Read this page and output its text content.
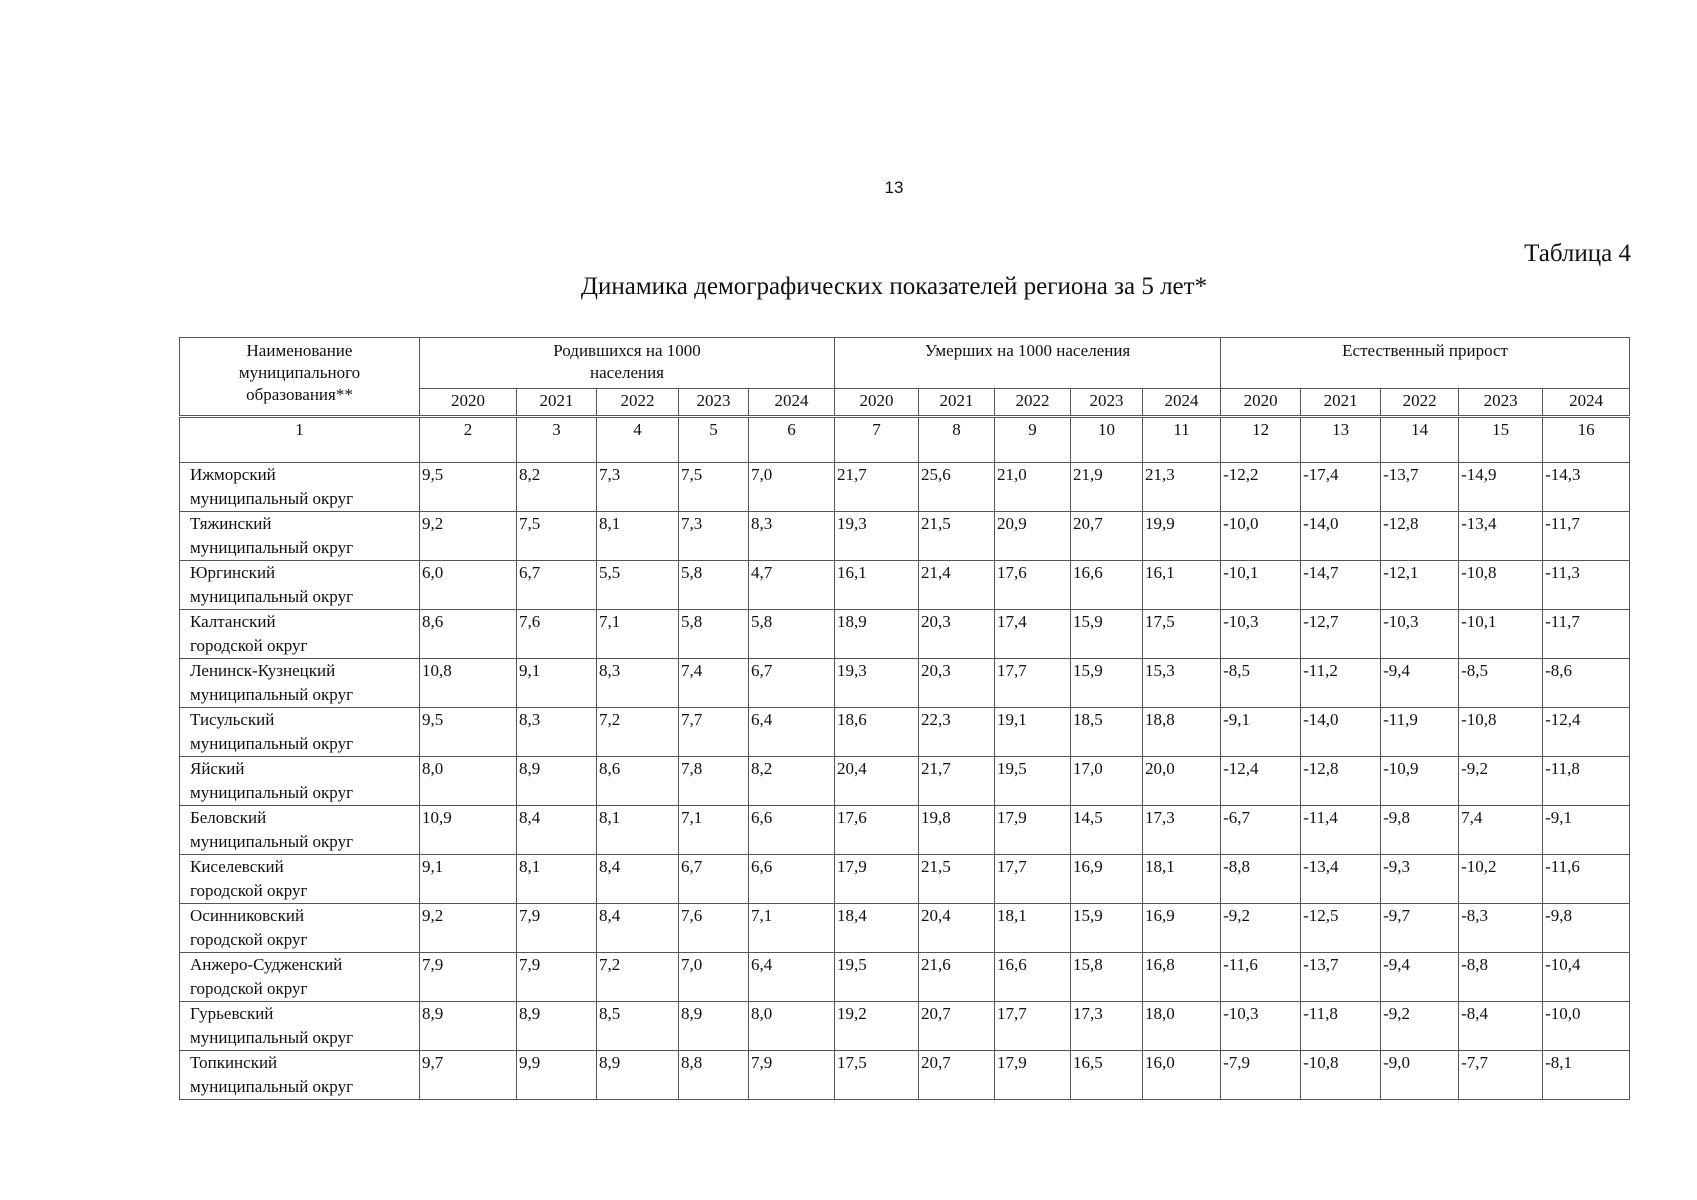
13
Таблица 4
Динамика демографических показателей региона за 5 лет*
Наименование муниципального образования**	Родившихся на 1000 населения					Умерших на 1000 населения					Естественный прирост				
	2020	2021	2022	2023	2024	2020	2021	2022	2023	2024	2020	2021	2022	2023	2024
1	2	3	4	5	6	7	8	9	10	11	12	13	14	15	16

Ижморский
муниципальный округ	9,5	8,2	7,3	7,5	7,0	21,7	25,6	21,0	21,9	21,3	-12,2	-17,4	-13,7	-14,9	-14,3

Тяжинский
муниципальный округ	9,2	7,5	8,1	7,3	8,3	19,3	21,5	20,9	20,7	19,9	-10,0	-14,0	-12,8	-13,4	-11,7

Юргинский
муниципальный округ	6,0	6,7	5,5	5,8	4,7	16,1	21,4	17,6	16,6	16,1	-10,1	-14,7	-12,1	-10,8	-11,3

Калтанский
городской округ	8,6	7,6	7,1	5,8	5,8	18,9	20,3	17,4	15,9	17,5	-10,3	-12,7	-10,3	-10,1	-11,7

Ленинск-Кузнецкий
муниципальный округ	10,8	9,1	8,3	7,4	6,7	19,3	20,3	17,7	15,9	15,3	-8,5	-11,2	-9,4	-8,5	-8,6

Тисульский
муниципальный округ	9,5	8,3	7,2	7,7	6,4	18,6	22,3	19,1	18,5	18,8	-9,1	-14,0	-11,9	-10,8	-12,4

Яйский
муниципальный округ	8,0	8,9	8,6	7,8	8,2	20,4	21,7	19,5	17,0	20,0	-12,4	-12,8	-10,9	-9,2	-11,8

Беловский
муниципальный округ	10,9	8,4	8,1	7,1	6,6	17,6	19,8	17,9	14,5	17,3	-6,7	-11,4	-9,8	7,4	-9,1

Киселевский
городской округ	9,1	8,1	8,4	6,7	6,6	17,9	21,5	17,7	16,9	18,1	-8,8	-13,4	-9,3	-10,2	-11,6

Осинниковский
городской округ	9,2	7,9	8,4	7,6	7,1	18,4	20,4	18,1	15,9	16,9	-9,2	-12,5	-9,7	-8,3	-9,8

Анжеро-Судженский
городской округ	7,9	7,9	7,2	7,0	6,4	19,5	21,6	16,6	15,8	16,8	-11,6	-13,7	-9,4	-8,8	-10,4

Гурьевский
муниципальный округ	8,9	8,9	8,5	8,9	8,0	19,2	20,7	17,7	17,3	18,0	-10,3	-11,8	-9,2	-8,4	-10,0

Топкинский
муниципальный округ	9,7	9,9	8,9	8,8	7,9	17,5	20,7	17,9	16,5	16,0	-7,9	-10,8	-9,0	-7,7	-8,1
